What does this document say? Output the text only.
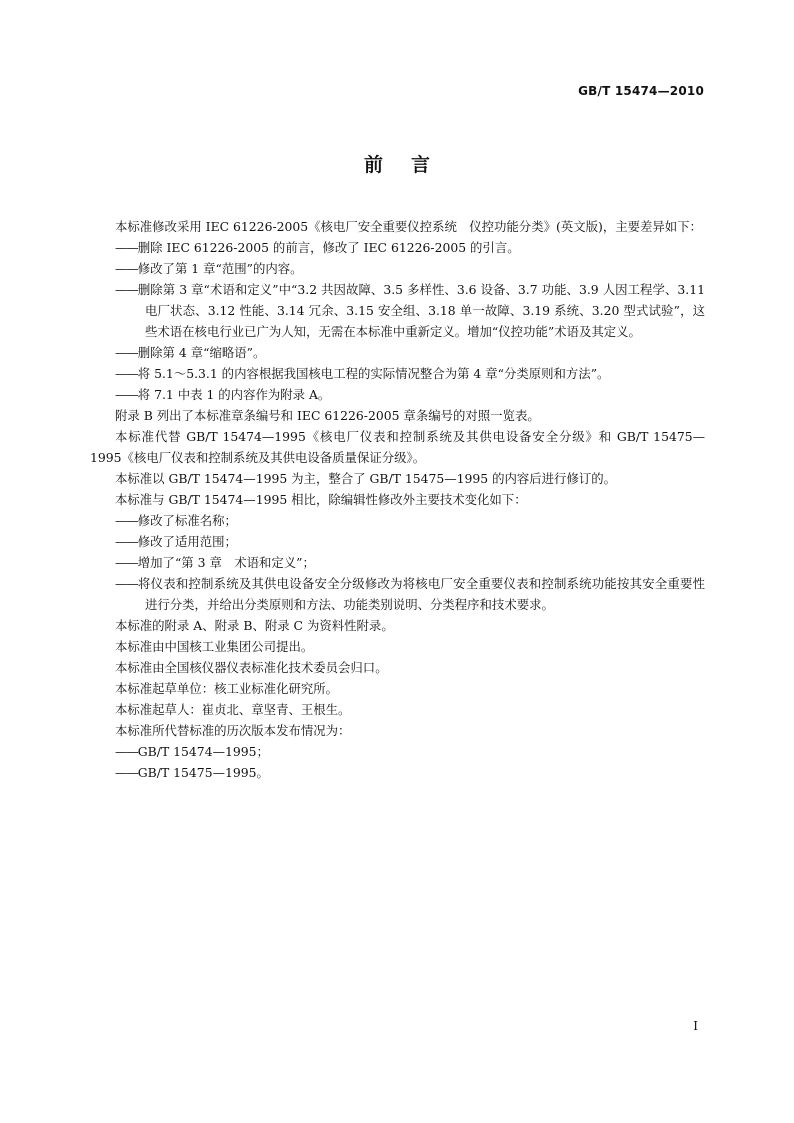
GB/T 15474—2010
前言

本标准修改采用 IEC 61226-2005《核电厂安全重要仪控系统　仪控功能分类》(英文版)，主要差异如下：

——删除 IEC 61226-2005 的前言，修改了 IEC 61226-2005 的引言。

——修改了第 1 章“范围”的内容。

——删除第 3 章“术语和定义”中“3.2 共因故障、3.5 多样性、3.6 设备、3.7 功能、3.9 人因工程学、3.11 电厂状态、3.12 性能、3.14 冗余、3.15 安全组、3.18 单一故障、3.19 系统、3.20 型式试验”，这些术语在核电行业已广为人知，无需在本标准中重新定义。增加“仪控功能”术语及其定义。

——删除第 4 章“缩略语”。

——将 5.1～5.3.1 的内容根据我国核电工程的实际情况整合为第 4 章“分类原则和方法”。

——将 7.1 中表 1 的内容作为附录 A。

附录 B 列出了本标准章条编号和 IEC 61226-2005 章条编号的对照一览表。

本标准代替 GB/T 15474—1995《核电厂仪表和控制系统及其供电设备安全分级》和 GB/T 15475—1995《核电厂仪表和控制系统及其供电设备质量保证分级》。

本标准以 GB/T 15474—1995 为主，整合了 GB/T 15475—1995 的内容后进行修订的。

本标准与 GB/T 15474—1995 相比，除编辑性修改外主要技术变化如下：

——修改了标准名称；

——修改了适用范围；

——增加了“第 3 章　术语和定义”；

——将仪表和控制系统及其供电设备安全分级修改为将核电厂安全重要仪表和控制系统功能按其安全重要性进行分类，并给出分类原则和方法、功能类别说明、分类程序和技术要求。

本标准的附录 A、附录 B、附录 C 为资料性附录。

本标准由中国核工业集团公司提出。

本标准由全国核仪器仪表标准化技术委员会归口。

本标准起草单位：核工业标准化研究所。

本标准起草人：崔贞北、章坚青、王根生。

本标准所代替标准的历次版本发布情况为：

——GB/T 15474—1995；

——GB/T 15475—1995。

I
